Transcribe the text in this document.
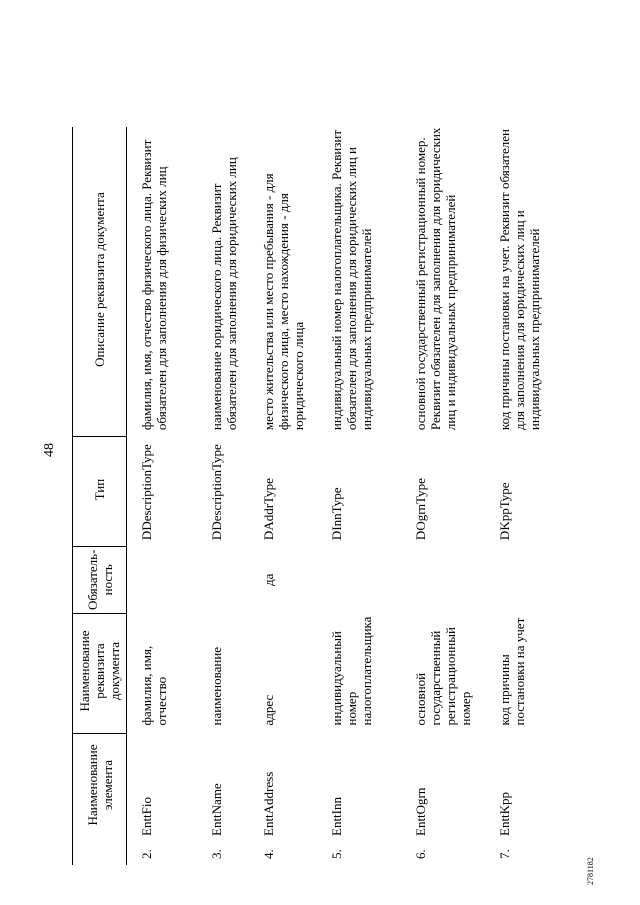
48
	Наименование элемента	Наименование реквизита документа	Обязатель-ность	Тип	Описание реквизита документа
2.	EnttFio	фамилия, имя, отчество		DDescriptionType	фамилия, имя, отчество физического лица. Реквизит обязателен для заполнения для физических лиц
3.	EnttName	наименование		DDescriptionType	наименование юридического лица. Реквизит обязателен для заполнения для юридических лиц
4.	EnttAddress	адрес	да	DAddrType	место жительства или место пребывания - для физического лица, место нахождения - для юридического лица
5.	EnttInn	индивидуальный номер налогоплательщика		DInnType	индивидуальный номер налогоплательщика. Реквизит обязателен для заполнения для юридических лиц и индивидуальных предпринимателей
6.	EnttOgrn	основной государственный регистрационный номер		DOgrnType	основной государственный регистрационный номер. Реквизит обязателен для заполнения для юридических лиц и индивидуальных предпринимателей
7.	EnttKpp	код причины постановки на учет		DKppType	код причины постановки на учет. Реквизит обязателен для заполнения для юридических лиц и индивидуальных предпринимателей
2781182
